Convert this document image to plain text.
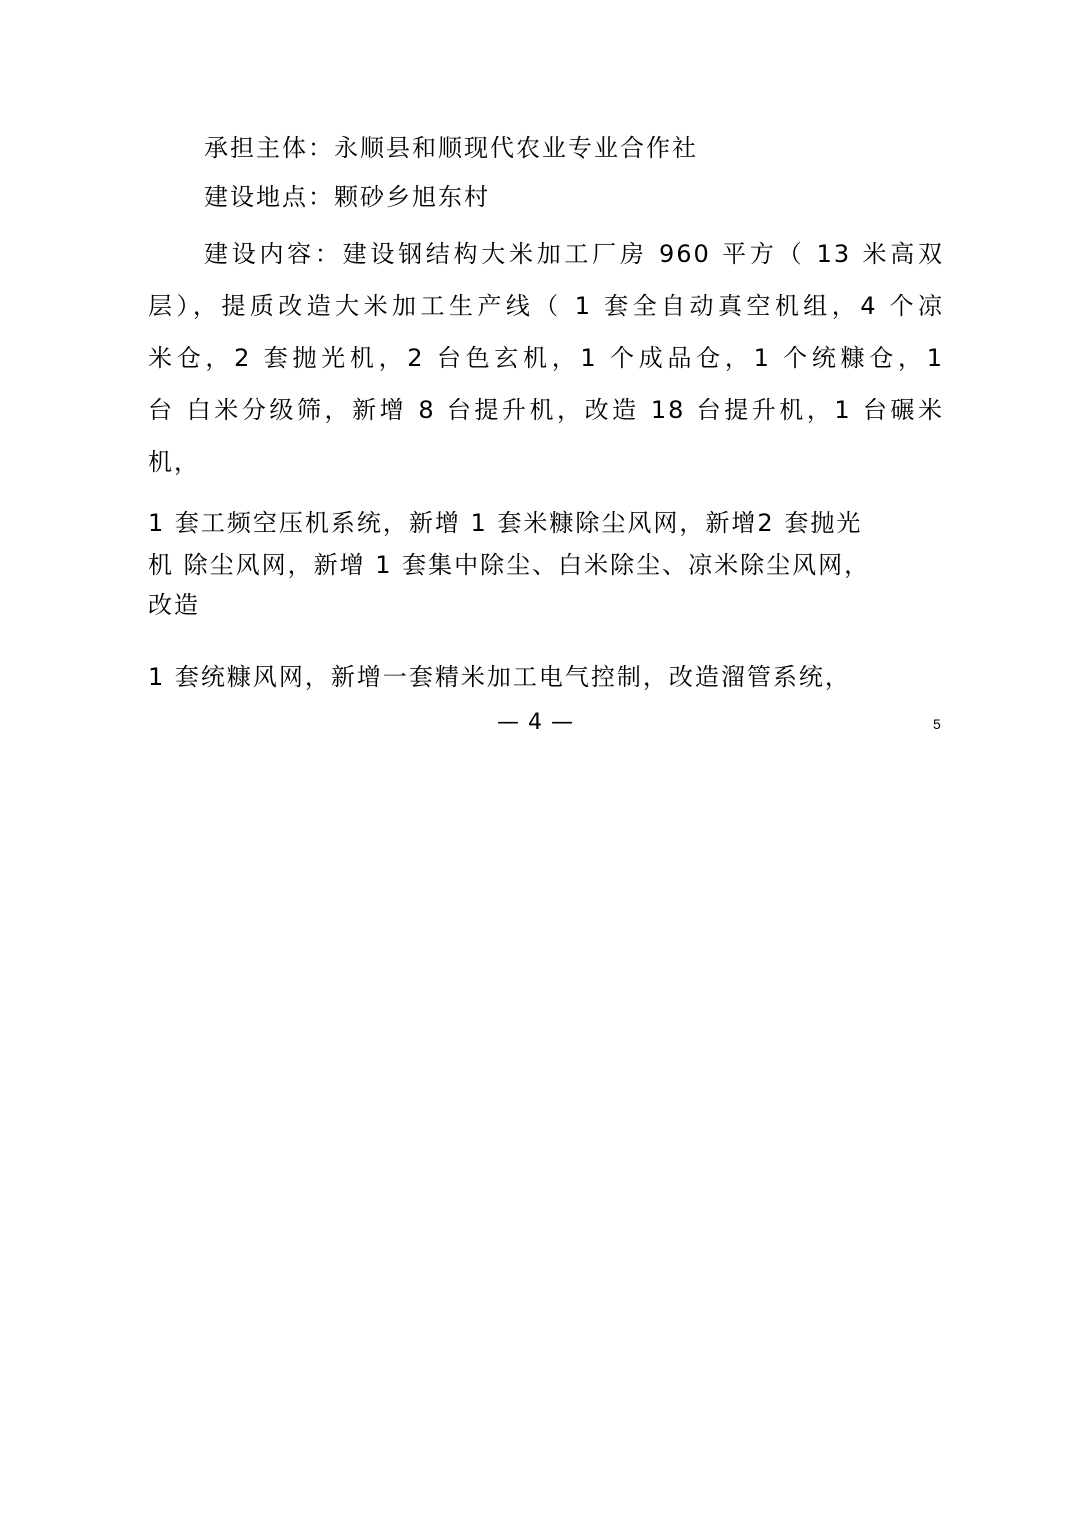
承担主体：永顺县和顺现代农业专业合作社
建设地点：颗砂乡旭东村
建设内容：建设钢结构大米加工厂房 960 平方（ 13 米高双
层），提质改造大米加工生产线（ 1 套全自动真空机组，4 个凉
米仓，2 套抛光机，2 台色玄机，1 个成品仓，1 个统糠仓，1
台 白米分级筛，新增 8 台提升机，改造 18 台提升机，1 台碾米
机，
1 套工频空压机系统，新增 1 套米糠除尘风网，新增2 套抛光
机 除尘风网，新增 1 套集中除尘、白米除尘、凉米除尘风网，
改造
1 套统糠风网，新增一套精米加工电气控制，改造溜管系统，
— 4 —	5
